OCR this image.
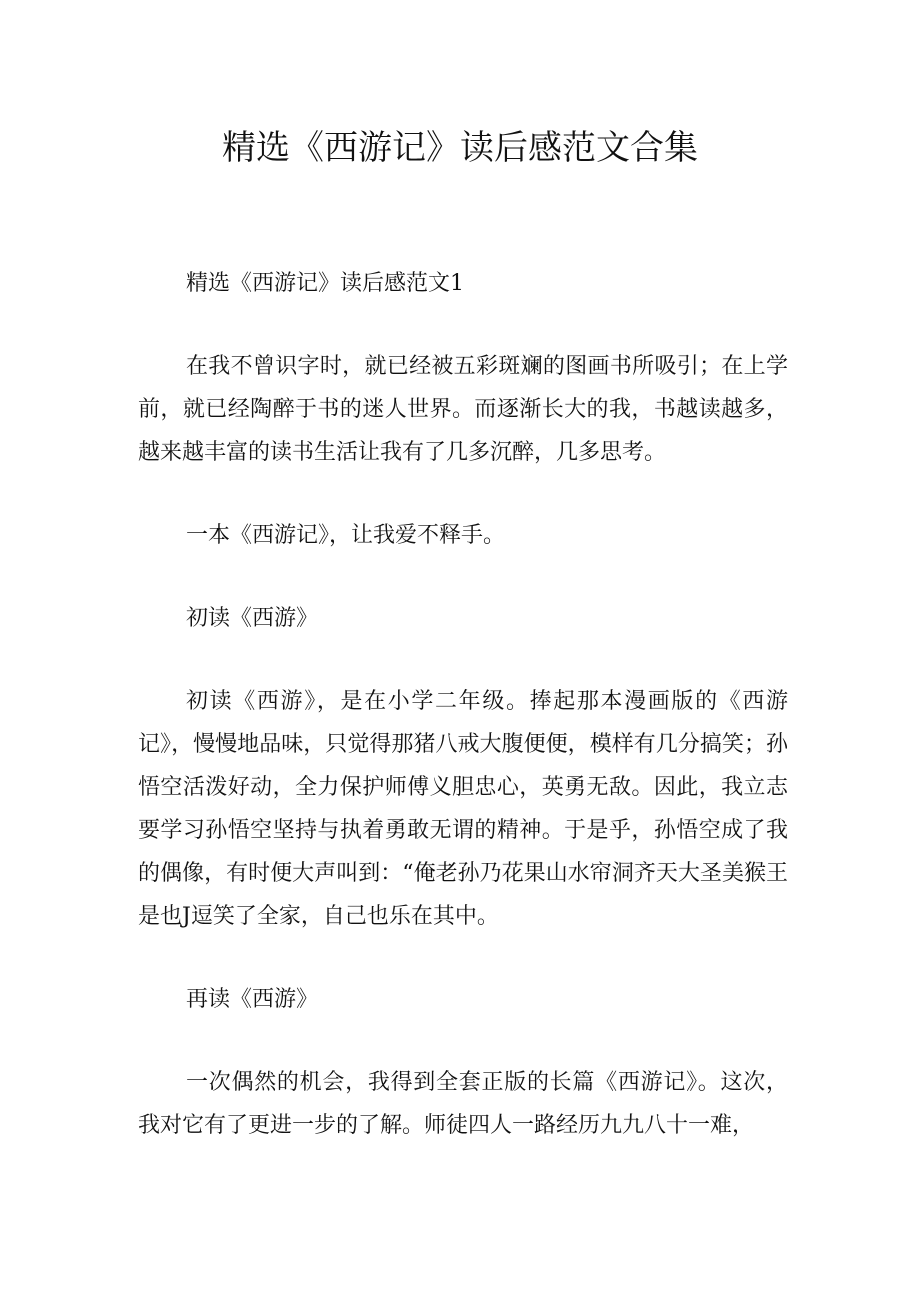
精选《西游记》读后感范文合集

精选《西游记》读后感范文1

在我不曾识字时，就已经被五彩斑斓的图画书所吸引；在上学前，就已经陶醉于书的迷人世界。而逐渐长大的我，书越读越多，越来越丰富的读书生活让我有了几多沉醉，几多思考。

一本《西游记》，让我爱不释手。

初读《西游》

初读《西游》，是在小学二年级。捧起那本漫画版的《西游记》，慢慢地品味，只觉得那猪八戒大腹便便，模样有几分搞笑；孙悟空活泼好动，全力保护师傅义胆忠心，英勇无敌。因此，我立志要学习孙悟空坚持与执着勇敢无谓的精神。于是乎，孙悟空成了我的偶像，有时便大声叫到：“俺老孙乃花果山水帘洞齐天大圣美猴王是也J逗笑了全家，自己也乐在其中。

再读《西游》

一次偶然的机会，我得到全套正版的长篇《西游记》。这次，我对它有了更进一步的了解。师徒四人一路经历九九八十一难，
